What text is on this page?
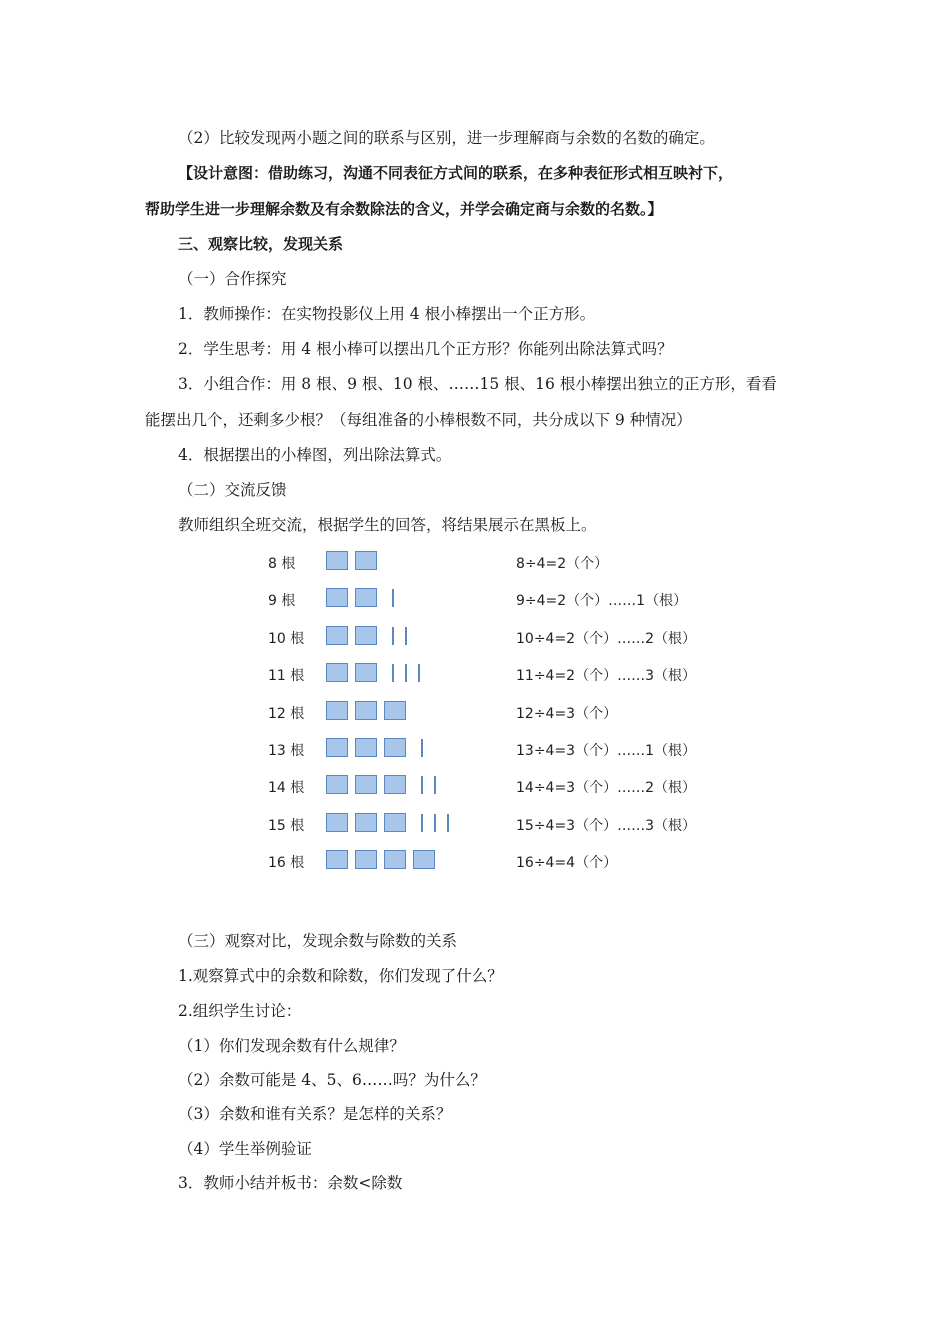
（2）比较发现两小题之间的联系与区别，进一步理解商与余数的名数的确定。
【设计意图：借助练习，沟通不同表征方式间的联系，在多种表征形式相互映衬下，
帮助学生进一步理解余数及有余数除法的含义，并学会确定商与余数的名数。】
三、观察比较，发现关系
（一）合作探究
1．教师操作：在实物投影仪上用 4 根小棒摆出一个正方形。
2．学生思考：用 4 根小棒可以摆出几个正方形？你能列出除法算式吗？
3．小组合作：用 8 根、9 根、10 根、……15 根、16 根小棒摆出独立的正方形，看看
能摆出几个，还剩多少根？（每组准备的小棒根数不同，共分成以下 9 种情况）
4．根据摆出的小棒图，列出除法算式。
（二）交流反馈
教师组织全班交流，根据学生的回答，将结果展示在黑板上。
8 根	8÷4=2（个）
9 根	9÷4=2（个）……1（根）
10 根	10÷4=2（个）……2（根）
11 根	11÷4=2（个）……3（根）
12 根	12÷4=3（个）
13 根	13÷4=3（个）……1（根）
14 根	14÷4=3（个）……2（根）
15 根	15÷4=3（个）……3（根）
16 根	16÷4=4（个）
（三）观察对比，发现余数与除数的关系
1.观察算式中的余数和除数，你们发现了什么？
2.组织学生讨论：
（1）你们发现余数有什么规律？
（2）余数可能是 4、5、6……吗？为什么？
（3）余数和谁有关系？是怎样的关系？
（4）学生举例验证
3．教师小结并板书：余数<除数
